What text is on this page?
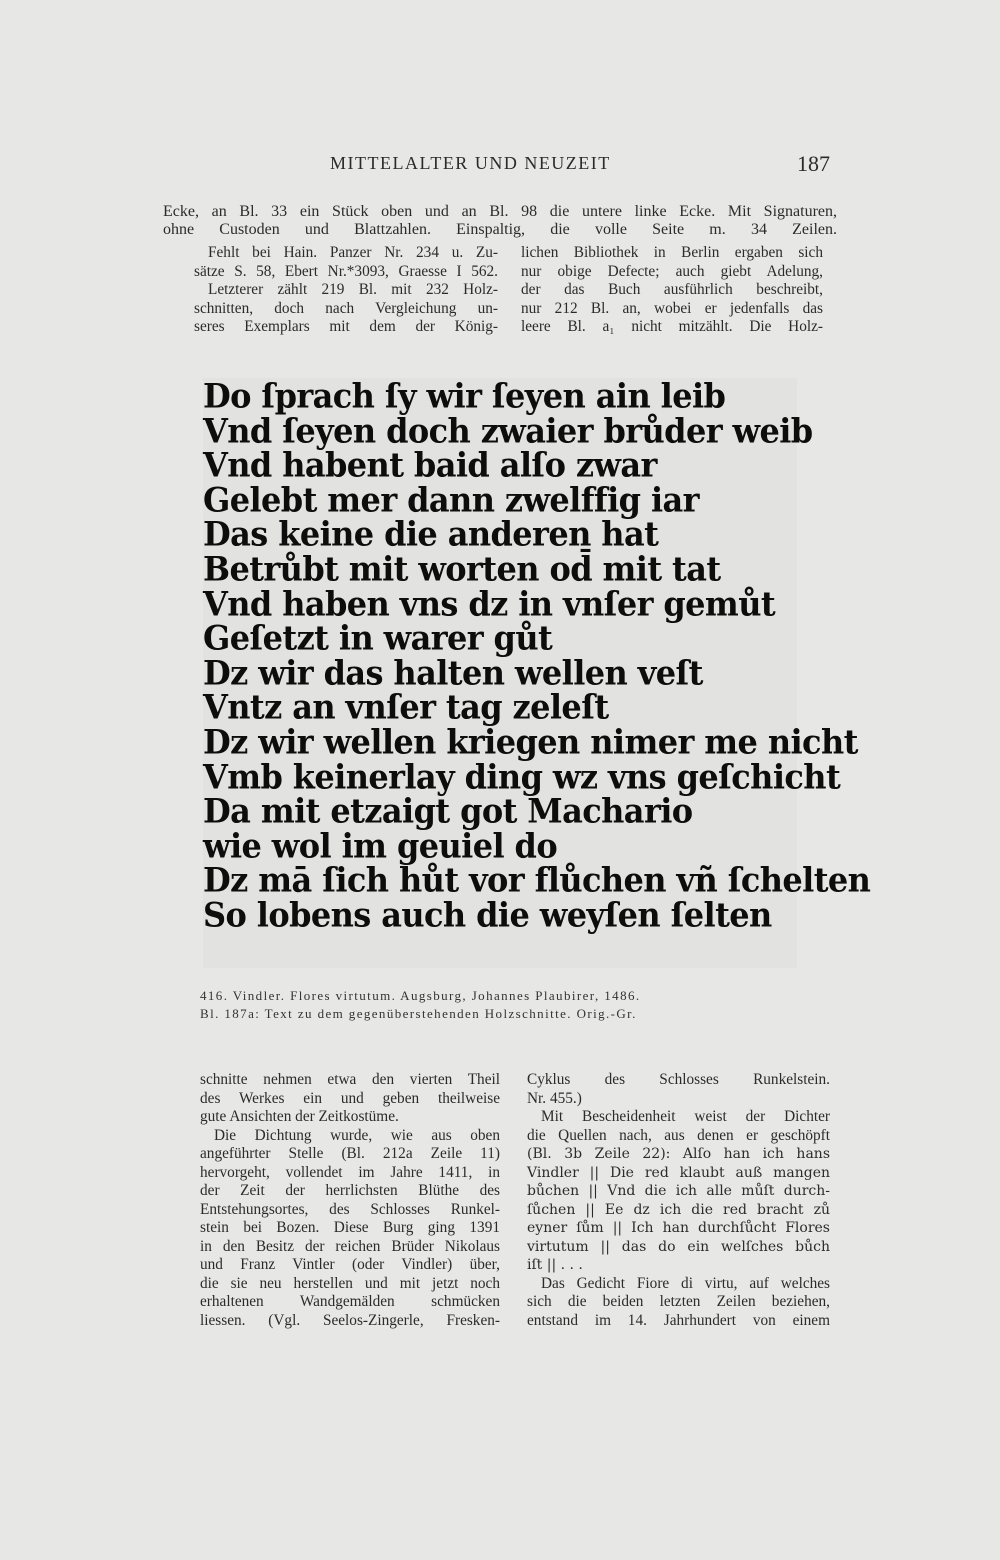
MITTELALTER UND NEUZEIT	187
Ecke, an Bl. 33 ein Stück oben und an Bl. 98 die untere linke Ecke. Mit Signaturen,
ohne Custoden und Blattzahlen. Einspaltig, die volle Seite m. 34 Zeilen.
Fehlt bei Hain. Panzer Nr. 234 u. Zu-
sätze S. 58, Ebert Nr.*3093, Graesse I 562.
Letzterer zählt 219 Bl. mit 232 Holz-
schnitten, doch nach Vergleichung un-
seres Exemplars mit dem der König-
lichen Bibliothek in Berlin ergaben sich
nur obige Defecte; auch giebt Adelung,
der das Buch ausführlich beschreibt,
nur 212 Bl. an, wobei er jedenfalls das
leere Bl. a₁ nicht mitzählt. Die Holz-
Do ſprach ſy wir ſeyen ain leib
Vnd ſeyen doch zwaier brůder weib
Vnd habent baid alſo zwar
Gelebt mer dann zwelffig iar
Das keine die anderen hat
Betrůbt mit worten od̄ mit tat
Vnd haben vns dz in vnſer gemůt
Geſetzt in warer gůt
Dz wir das halten wellen veſt
Vntz an vnſer tag zeleſt
Dz wir wellen kriegen nimer me nicht
Vmb keinerlay ding wz vns geſchicht
Da mit etzaigt got Machario
wie wol im geuiel do
Dz mā ſich hůt vor flůchen vñ ſchelten
So lobens auch die weyſen ſelten
416. Vindler. Flores virtutum. Augsburg, Johannes Plaubirer, 1486.
Bl. 187a: Text zu dem gegenüberstehenden Holzschnitte. Orig.-Gr.
schnitte nehmen etwa den vierten Theil
des Werkes ein und geben theilweise
gute Ansichten der Zeitkostüme.
Die Dichtung wurde, wie aus oben
angeführter Stelle (Bl. 212a Zeile 11)
hervorgeht, vollendet im Jahre 1411, in
der Zeit der herrlichsten Blüthe des
Entstehungsortes, des Schlosses Runkel-
stein bei Bozen. Diese Burg ging 1391
in den Besitz der reichen Brüder Nikolaus
und Franz Vintler (oder Vindler) über,
die sie neu herstellen und mit jetzt noch
erhaltenen Wandgemälden schmücken
liessen. (Vgl. Seelos-Zingerle, Fresken-
Cyklus des Schlosses Runkelstein.
Nr. 455.)
Mit Bescheidenheit weist der Dichter
die Quellen nach, aus denen er geschöpft
(Bl. 3b Zeile 22): Alſo han ich hans
Vindler || Die red klaubt auß mangen
bůchen || Vnd die ich alle můſt durch-
ſůchen || Ee dz ich die red bracht zů
eyner ſům || Ich han durchſůcht Flores
virtutum || das do ein welſches bůch
iſt || . . .
Das Gedicht Fiore di virtu, auf welches
sich die beiden letzten Zeilen beziehen,
entstand im 14. Jahrhundert von einem
